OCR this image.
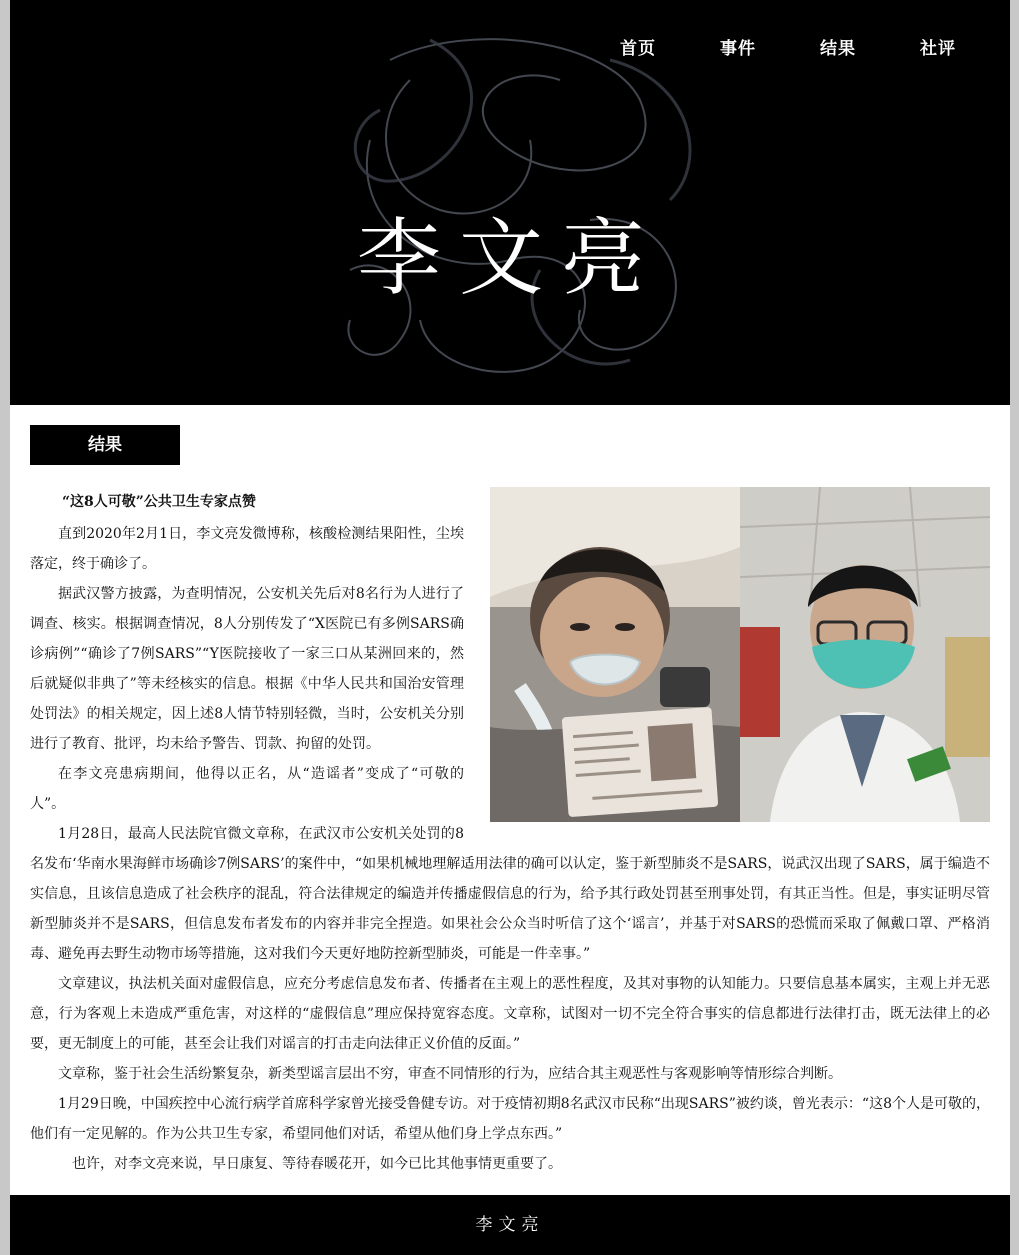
首页	事件	结果	社评
李文亮
结果

“这8人可敬”公共卫生专家点赞

直到2020年2月1日，李文亮发微博称，核酸检测结果阳性，尘埃落定，终于确诊了。

据武汉警方披露，为查明情况，公安机关先后对8名行为人进行了调查、核实。根据调查情况，8人分别传发了“X医院已有多例SARS确诊病例”“确诊了7例SARS”“Y医院接收了一家三口从某洲回来的，然后就疑似非典了”等未经核实的信息。根据《中华人民共和国治安管理处罚法》的相关规定，因上述8人情节特别轻微，当时，公安机关分别进行了教育、批评，均未给予警告、罚款、拘留的处罚。

在李文亮患病期间，他得以正名，从“造谣者”变成了“可敬的人”。

1月28日，最高人民法院官微文章称，在武汉市公安机关处罚的8名发布‘华南水果海鲜市场确诊7例SARS’的案件中，“如果机械地理解适用法律的确可以认定，鉴于新型肺炎不是SARS，说武汉出现了SARS，属于编造不实信息，且该信息造成了社会秩序的混乱，符合法律规定的编造并传播虚假信息的行为，给予其行政处罚甚至刑事处罚，有其正当性。但是，事实证明尽管新型肺炎并不是SARS，但信息发布者发布的内容并非完全捏造。如果社会公众当时听信了这个‘谣言’，并基于对SARS的恐慌而采取了佩戴口罩、严格消毒、避免再去野生动物市场等措施，这对我们今天更好地防控新型肺炎，可能是一件幸事。”

文章建议，执法机关面对虚假信息，应充分考虑信息发布者、传播者在主观上的恶性程度，及其对事物的认知能力。只要信息基本属实，主观上并无恶意，行为客观上未造成严重危害，对这样的“虚假信息”理应保持宽容态度。文章称，试图对一切不完全符合事实的信息都进行法律打击，既无法律上的必要，更无制度上的可能，甚至会让我们对谣言的打击走向法律正义价值的反面。”

文章称，鉴于社会生活纷繁复杂，新类型谣言层出不穷，审查不同情形的行为，应结合其主观恶性与客观影响等情形综合判断。

1月29日晚，中国疾控中心流行病学首席科学家曾光接受鲁健专访。对于疫情初期8名武汉市民称“出现SARS”被约谈，曾光表示：“这8个人是可敬的，他们有一定见解的。作为公共卫生专家，希望同他们对话，希望从他们身上学点东西。”

也许，对李文亮来说，早日康复、等待春暖花开，如今已比其他事情更重要了。

李文亮
